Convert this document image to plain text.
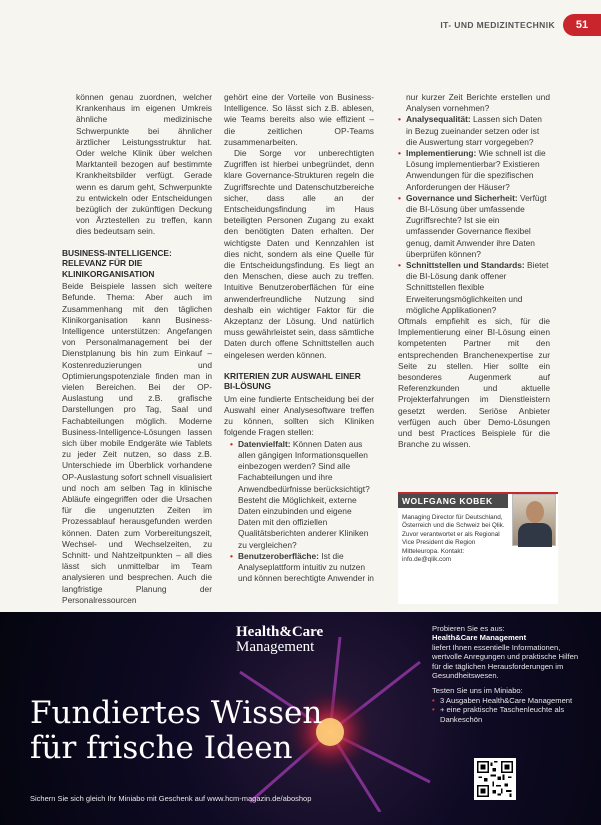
IT- UND MEDIZINTECHNIK	51

können genau zuordnen, welcher Krankenhaus im eigenen Umkreis ähnliche medizinische Schwerpunkte bei ähnlicher ärztlicher Leistungsstruktur hat. Oder welche Klinik über welchen Marktanteil bezogen auf bestimmte Krankheitsbilder verfügt. Gerade wenn es darum geht, Schwerpunkte zu entwickeln oder Entscheidungen bezüglich der zukünftigen Deckung von Ärztestellen zu treffen, kann dies bedeutsam sein.

BUSINESS-INTELLIGENCE: RELEVANZ FÜR DIE KLINIKORGANISATION

Beide Beispiele lassen sich weitere Befunde. Thema: Aber auch im Zusammenhang mit den täglichen Klinikorganisation kann Business-Intelligence unterstützen: Angefangen von Personalmanagement bei der Dienstplanung bis hin zum Einkauf – Kostenreduzierungen und Optimierungspotenziale finden man in vielen Bereichen. Bei der OP-Auslastung und z.B. grafische Darstellungen pro Tag, Saal und Fachabteilungen möglich. Moderne Business-Intelligence-Lösungen lassen sich über mobile Endgeräte wie Tablets zu jeder Zeit nutzen, so dass z.B. Unterschiede im Überblick vorhandene OP-Auslastung sofort schnell visualisiert und noch am selben Tag in klinische Abläufe eingegriffen oder die Ursachen für die ungenutzten Zeiten im Prozessablauf herausgefunden werden können. Daten zum Vorbereitungszeit, Wechsel- und Wechselzeiten, zu Schnitt- und Nahtzeitpunkten – all dies lässt sich unmittelbar im Team analysieren und besprechen. Auch die langfristige Planung der Personalressourcen

gehört eine der Vorteile von Business-Intelligence. So lässt sich z.B. ablesen, wie Teams bereits also wie effizient – die zeitlichen OP-Teams zusammenarbeiten.

Die Sorge vor unberechtigten Zugriffen ist hierbei unbegründet, denn klare Governance-Strukturen regeln die Zugriffsrechte und Datenschutzbereiche sicher, dass alle an der Entscheidungsfindung im Haus beteiligten Personen Zugang zu exakt den benötigten Daten erhalten. Der wichtigste Daten und Kennzahlen ist dies nicht, sondern als eine Quelle für die Entscheidungsfindung. Es liegt an den Menschen, diese auch zu treffen. Intuitive Benutzeroberflächen für eine anwenderfreundliche Nutzung sind deshalb ein wichtiger Faktor für die Akzeptanz der Lösung. Und natürlich muss gewährleistet sein, dass sämtliche Daten durch offene Schnittstellen auch eingelesen werden können.

KRITERIEN ZUR AUSWAHL EINER BI-LÖSUNG

Um eine fundierte Entscheidung bei der Auswahl einer Analysesoftware treffen zu können, sollten sich Kliniken folgende Fragen stellen:

• Datenvielfalt: Können Daten aus allen gängigen Informationsquellen einbezogen werden? Sind alle Fachabteilungen und ihre Anwendbedürfnisse berücksichtigt? Besteht die Möglichkeit, externe Daten einzubinden und eigene Daten mit den offiziellen Qualitätsberichten anderer Kliniken zu vergleichen?
• Benutzeroberfläche: Ist die Analyseplattform intuitiv zu nutzen und können berechtigte Anwender in

nur kurzer Zeit Berichte erstellen und Analysen vornehmen?

• Analysequalität: Lassen sich Daten in Bezug zueinander setzen oder ist die Auswertung starr vorgegeben?
• Implementierung: Wie schnell ist die Lösung implementierbar? Existieren Anwendungen für die spezifischen Anforderungen der Häuser?
• Governance und Sicherheit: Verfügt die BI-Lösung über umfassende Zugriffsrechte? Ist sie ein umfassender Governance flexibel genug, damit Anwender ihre Daten überprüfen können?
• Schnittstellen und Standards: Bietet die BI-Lösung dank offener Schnittstellen flexible Erweiterungsmöglichkeiten und mögliche Applikationen?

Oftmals empfiehlt es sich, für die Implementierung einer BI-Lösung einen kompetenten Partner mit den entsprechenden Branchenexpertise zur Seite zu stellen. Hier sollte ein besonderes Augenmerk auf Referenzkunden und aktuelle Projekterfahrungen im Dienstleistern gesetzt werden. Seriöse Anbieter verfügen auch über Demo-Lösungen und best Practices Beispiele für die Branche zu wissen.

WOLFGANG KOBEK
Managing Director für Deutschland, Österreich und die Schweiz bei Qlik. Zuvor verantwortet er als Regional Vice President die Region Mitteleuropa. Kontakt: info.de@qlik.com
Health&Care
Management
Fundiertes Wissen
für frische Ideen
Sichern Sie sich gleich Ihr Miniabo mit Geschenk auf www.hcm-magazin.de/aboshop
Probieren Sie es aus:
Health&Care Management
liefert Ihnen essentielle Informationen, wertvolle Anregungen und praktische Hilfen für die täglichen Herausforderungen im Gesundheitswesen.
Testen Sie uns im Miniabo:
• 3 Ausgaben Health&Care Management
• + eine praktische Taschenleuchte als Dankeschön
